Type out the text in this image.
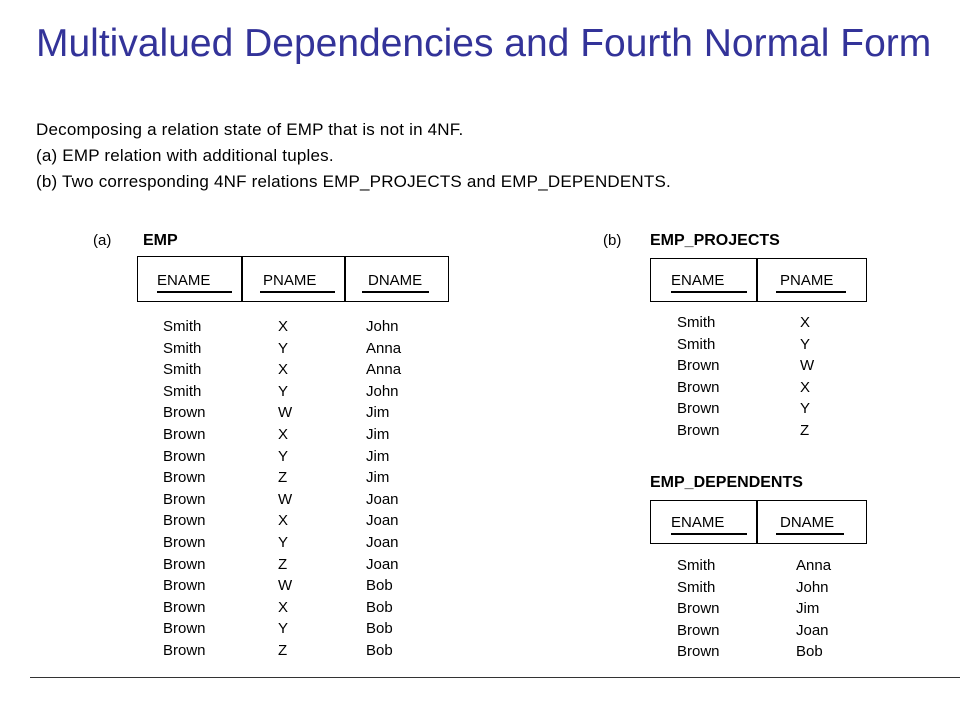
Multivalued Dependencies and Fourth Normal Form
Decomposing a relation state of EMP that is not in 4NF.
(a) EMP relation with additional tuples.
(b) Two corresponding 4NF relations EMP_PROJECTS and EMP_DEPENDENTS.
(a) EMP
ENAME	PNAME	DNAME
Smith	X	John
Smith	Y	Anna
Smith	X	Anna
Smith	Y	John
Brown	W	Jim
Brown	X	Jim
Brown	Y	Jim
Brown	Z	Jim
Brown	W	Joan
Brown	X	Joan
Brown	Y	Joan
Brown	Z	Joan
Brown	W	Bob
Brown	X	Bob
Brown	Y	Bob
Brown	Z	Bob
(b) EMP_PROJECTS
ENAME	PNAME
Smith	X
Smith	Y
Brown	W
Brown	X
Brown	Y
Brown	Z
EMP_DEPENDENTS
ENAME	DNAME
Smith	Anna
Smith	John
Brown	Jim
Brown	Joan
Brown	Bob
